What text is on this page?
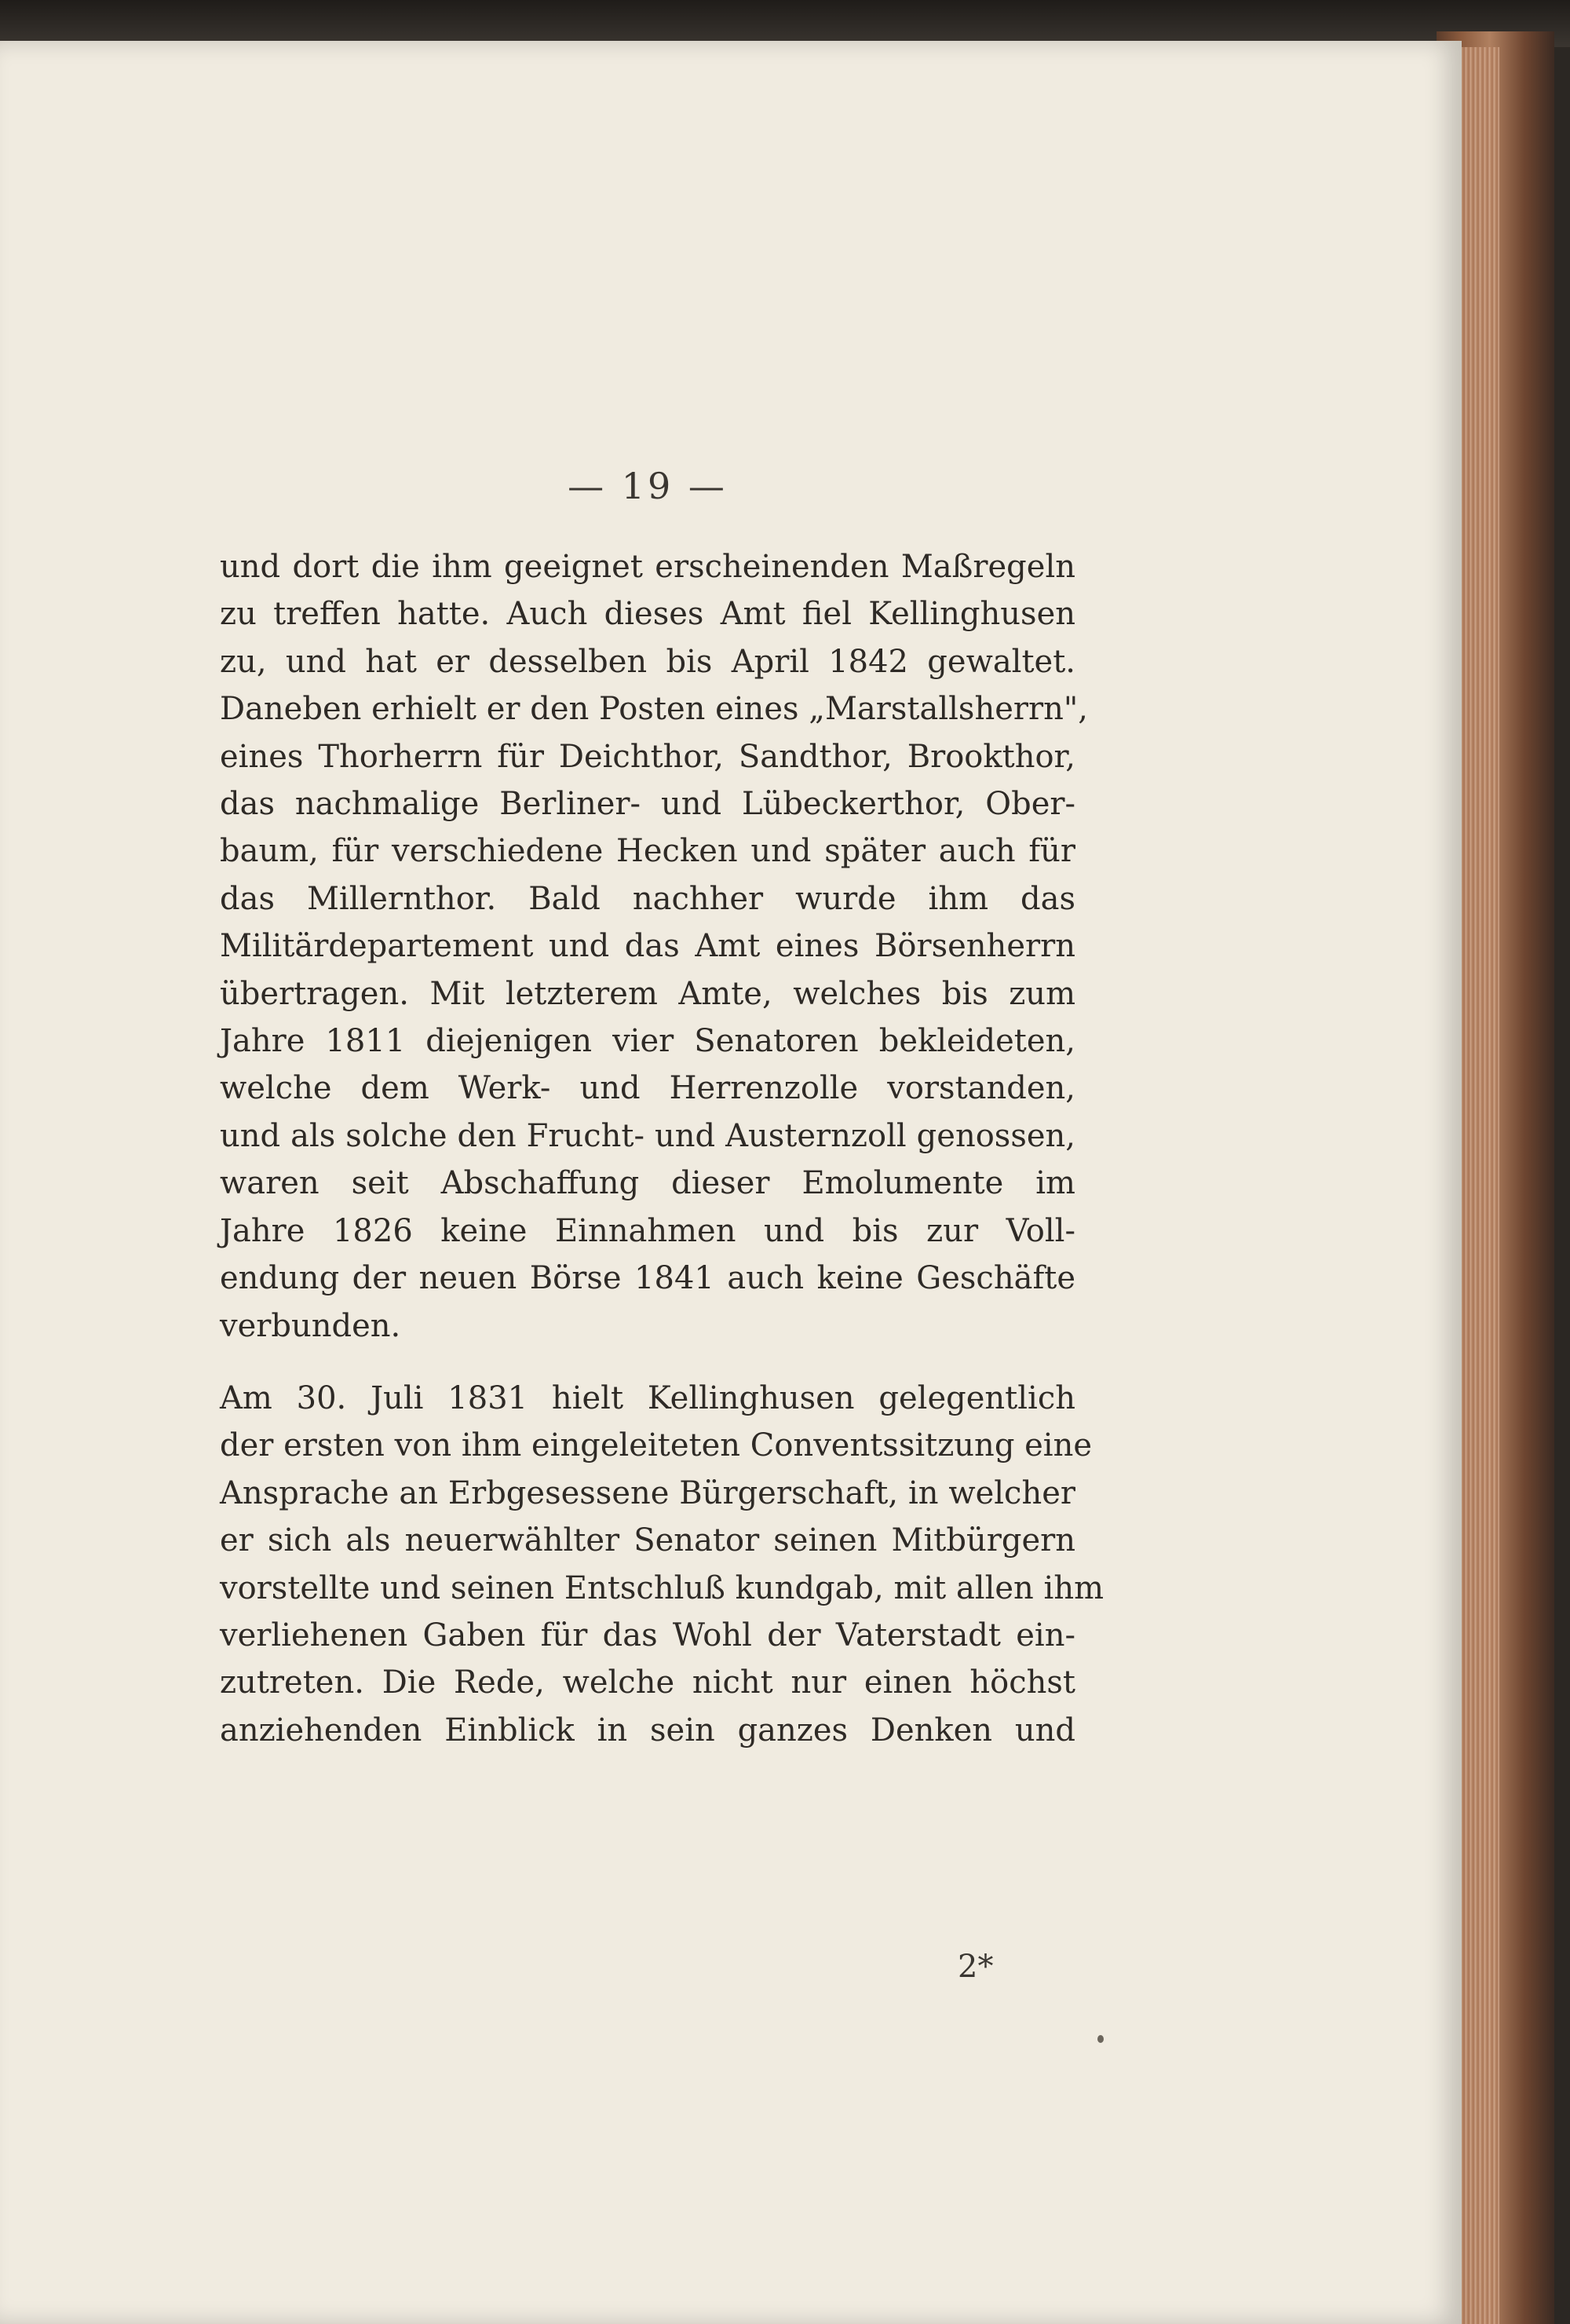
— 19 —
und dort die ihm geeignet erscheinenden Maßregeln
zu treffen hatte. Auch dieses Amt fiel Kellinghusen
zu, und hat er desselben bis April 1842 gewaltet.
Daneben erhielt er den Posten eines „Marstallsherrn",
eines Thorherrn für Deichthor, Sandthor, Brookthor,
das nachmalige Berliner- und Lübeckerthor, Ober-
baum, für verschiedene Hecken und später auch für
das Millernthor. Bald nachher wurde ihm das
Militärdepartement und das Amt eines Börsenherrn
übertragen. Mit letzterem Amte, welches bis zum
Jahre 1811 diejenigen vier Senatoren bekleideten,
welche dem Werk- und Herrenzolle vorstanden,
und als solche den Frucht- und Austernzoll genossen,
waren seit Abschaffung dieser Emolumente im
Jahre 1826 keine Einnahmen und bis zur Voll-
endung der neuen Börse 1841 auch keine Geschäfte
verbunden.
Am 30. Juli 1831 hielt Kellinghusen gelegentlich
der ersten von ihm eingeleiteten Conventssitzung eine
Ansprache an Erbgesessene Bürgerschaft, in welcher
er sich als neuerwählter Senator seinen Mitbürgern
vorstellte und seinen Entschluß kundgab, mit allen ihm
verliehenen Gaben für das Wohl der Vaterstadt ein-
zutreten. Die Rede, welche nicht nur einen höchst
anziehenden Einblick in sein ganzes Denken und
2*
